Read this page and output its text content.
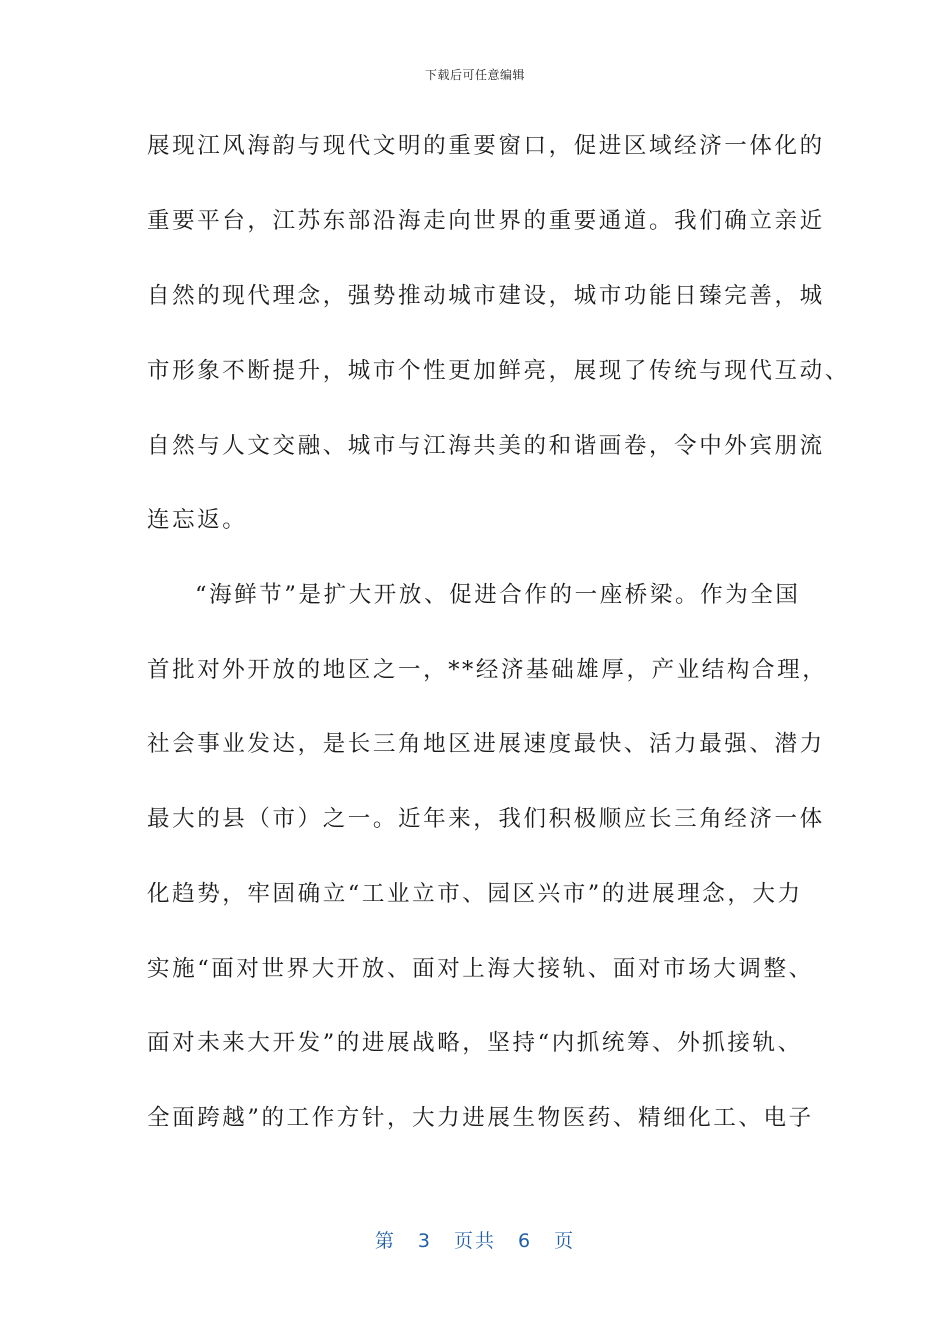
下载后可任意编辑
展现江风海韵与现代文明的重要窗口，促进区域经济一体化的
重要平台，江苏东部沿海走向世界的重要通道。我们确立亲近
自然的现代理念，强势推动城市建设，城市功能日臻完善，城
市形象不断提升，城市个性更加鲜亮，展现了传统与现代互动、
自然与人文交融、城市与江海共美的和谐画卷，令中外宾朋流
连忘返。
“海鲜节”是扩大开放、促进合作的一座桥梁。作为全国
首批对外开放的地区之一，**经济基础雄厚，产业结构合理，
社会事业发达，是长三角地区进展速度最快、活力最强、潜力
最大的县（市）之一。近年来，我们积极顺应长三角经济一体
化趋势，牢固确立“工业立市、园区兴市”的进展理念，大力
实施“面对世界大开放、面对上海大接轨、面对市场大调整、
面对未来大开发”的进展战略，坚持“内抓统筹、外抓接轨、
全面跨越”的工作方针，大力进展生物医药、精细化工、电子
第 3 页共 6 页
